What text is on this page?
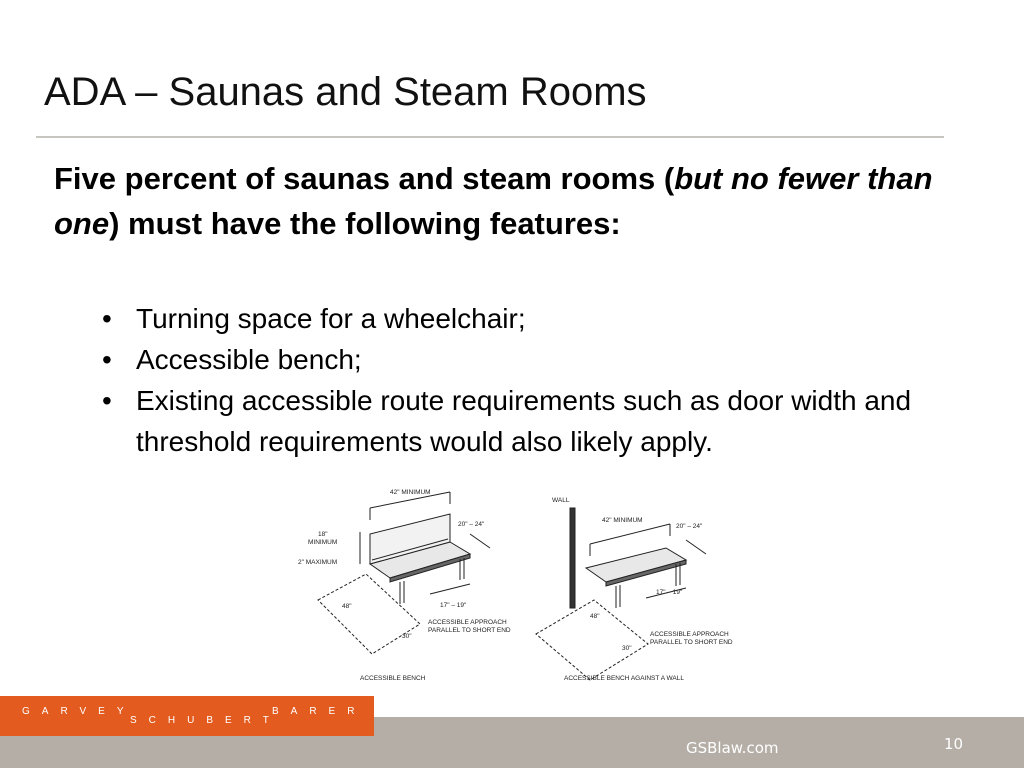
ADA – Saunas and Steam Rooms
Five percent of saunas and steam rooms (but no fewer than one) must have the following features:
• Turning space for a wheelchair;
• Accessible bench;
• Existing accessible route requirements such as door width and threshold requirements would also likely apply.
42" MINIMUM
20" – 24"
18"
MINIMUM
2" MAXIMUM
17" – 19"
48"
30"
ACCESSIBLE APPROACH
PARALLEL TO SHORT END
ACCESSIBLE BENCH
WALL
42" MINIMUM
20" – 24"
17" – 19"
48"
30"
ACCESSIBLE APPROACH
PARALLEL TO SHORT END
ACCESSIBLE BENCH AGAINST A WALL
GARVEY
SCHUBERT
BARER
GSBlaw.com	10
